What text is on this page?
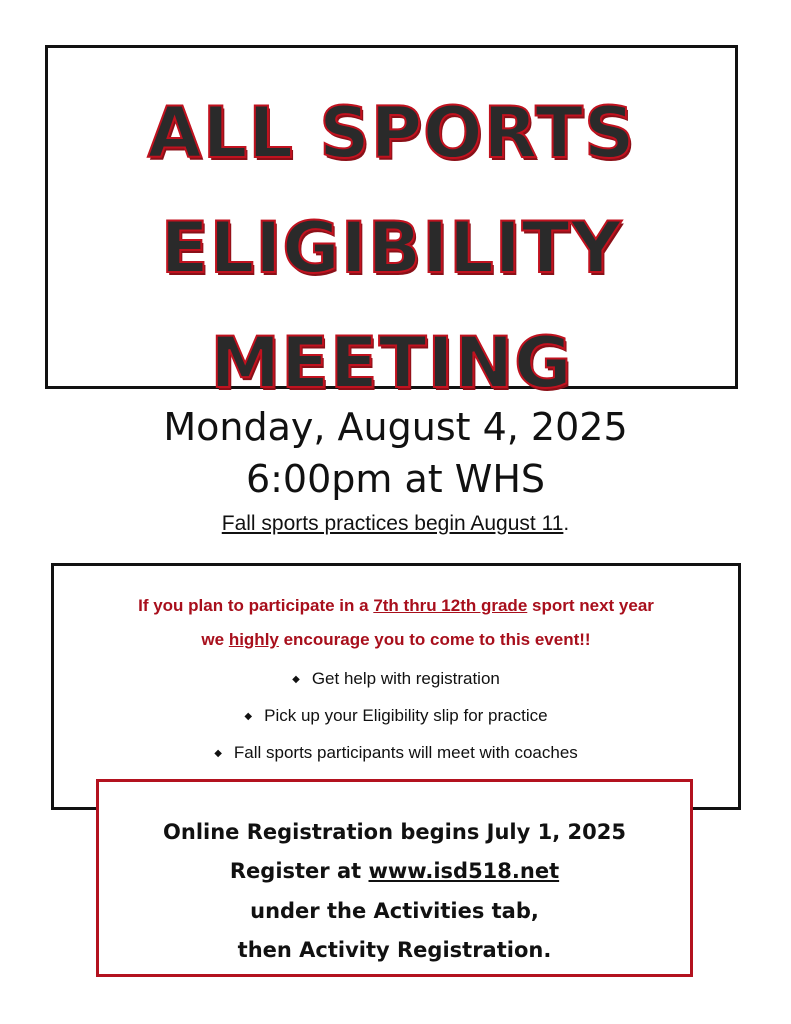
ALL SPORTS
ELIGIBILITY
MEETING
Monday, August 4, 2025
6:00pm at WHS
Fall sports practices begin August 11.
If you plan to participate in a 7th thru 12th grade sport next year
we highly encourage you to come to this event!!
◆ Get help with registration
◆ Pick up your Eligibility slip for practice
◆ Fall sports participants will meet with coaches
Online Registration begins July 1, 2025
Register at www.isd518.net
under the Activities tab,
then Activity Registration.
